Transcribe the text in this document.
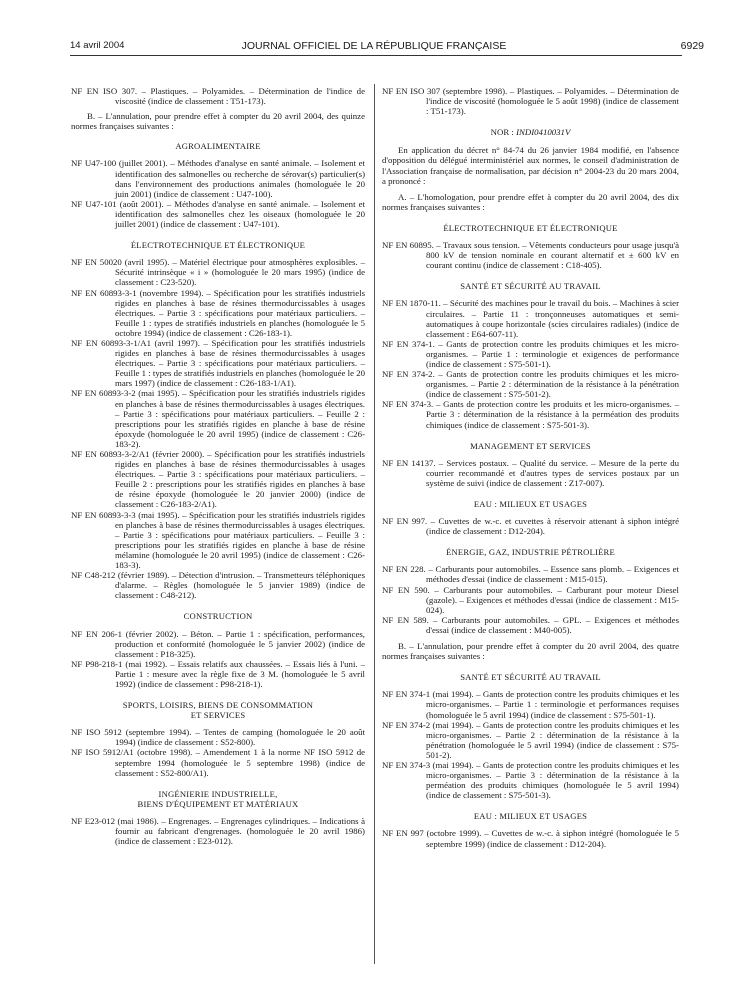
14 avril 2004	JOURNAL OFFICIEL DE LA RÉPUBLIQUE FRANÇAISE	6929

NF EN ISO 307. – Plastiques. – Polyamides. – Détermination de l'indice de viscosité (indice de classement : T51-173).

B. – L'annulation, pour prendre effet à compter du 20 avril 2004, des quinze normes françaises suivantes :

AGROALIMENTAIRE

NF U47-100 (juillet 2001). – Méthodes d'analyse en santé animale. – Isolement et identification des salmonelles ou recherche de sérovar(s) particulier(s) dans l'environnement des productions animales (homologuée le 20 juin 2001) (indice de classement : U47-100).

NF U47-101 (août 2001). – Méthodes d'analyse en santé animale. – Isolement et identification des salmonelles chez les oiseaux (homologuée le 20 juillet 2001) (indice de classement : U47-101).

ÉLECTROTECHNIQUE ET ÉLECTRONIQUE

NF EN 50020 (avril 1995). – Matériel électrique pour atmosphères explosibles. – Sécurité intrinsèque « i » (homologuée le 20 mars 1995) (indice de classement : C23-520).

NF EN 60893-3-1 (novembre 1994). – Spécification pour les stratifiés industriels rigides en planches à base de résines thermodurcissables à usages électriques. – Partie 3 : spécifications pour matériaux particuliers. – Feuille 1 : types de stratifiés industriels en planches (homologuée le 5 octobre 1994) (indice de classement : C26-183-1).

NF EN 60893-3-1/A1 (avril 1997). – Spécification pour les stratifiés industriels rigides en planches à base de résines thermodurcissables à usages électriques. – Partie 3 : spécifications pour matériaux particuliers. – Feuille 1 : types de stratifiés industriels en planches (homologuée le 20 mars 1997) (indice de classement : C26-183-1/A1).

NF EN 60893-3-2 (mai 1995). – Spécification pour les stratifiés industriels rigides en planches à base de résines thermodurcissables à usages électriques. – Partie 3 : spécifications pour matériaux particuliers. – Feuille 2 : prescriptions pour les stratifiés rigides en planche à base de résine époxyde (homologuée le 20 avril 1995) (indice de classement : C26-183-2).

NF EN 60893-3-2/A1 (février 2000). – Spécification pour les stratifiés industriels rigides en planches à base de résines thermodurcissables à usages électriques. – Partie 3 : spécifications pour matériaux particuliers. – Feuille 2 : prescriptions pour les stratifiés rigides en planches à base de résine époxyde (homologuée le 20 janvier 2000) (indice de classement : C26-183-2/A1).

NF EN 60893-3-3 (mai 1995). – Spécification pour les stratifiés industriels rigides en planches à base de résines thermodurcissables à usages électriques. – Partie 3 : spécifications pour matériaux particuliers. – Feuille 3 : prescriptions pour les stratifiés rigides en planche à base de résine mélamine (homologuée le 20 avril 1995) (indice de classement : C26-183-3).

NF C48-212 (février 1989). – Détection d'intrusion. – Transmetteurs téléphoniques d'alarme. – Règles (homologuée le 5 janvier 1989) (indice de classement : C48-212).

CONSTRUCTION

NF EN 206-1 (février 2002). – Béton. – Partie 1 : spécification, performances, production et conformité (homologuée le 5 janvier 2002) (indice de classement : P18-325).

NF P98-218-1 (mai 1992). – Essais relatifs aux chaussées. – Essais liés à l'uni. – Partie 1 : mesure avec la règle fixe de 3 M. (homologuée le 5 avril 1992) (indice de classement : P98-218-1).

SPORTS, LOISIRS, BIENS DE CONSOMMATION
ET SERVICES

NF ISO 5912 (septembre 1994). – Tentes de camping (homologuée le 20 août 1994) (indice de classement : S52-800).

NF ISO 5912/A1 (octobre 1998). – Amendement 1 à la norme NF ISO 5912 de septembre 1994 (homologuée le 5 septembre 1998) (indice de classement : S52-800/A1).

INGÉNIERIE INDUSTRIELLE,
BIENS D'ÉQUIPEMENT ET MATÉRIAUX

NF E23-012 (mai 1986). – Engrenages. – Engrenages cylindriques. – Indications à fournir au fabricant d'engrenages. (homologuée le 20 avril 1986) (indice de classement : E23-012).

NF EN ISO 307 (septembre 1998). – Plastiques. – Polyamides. – Détermination de l'indice de viscosité (homologuée le 5 août 1998) (indice de classement : T51-173).

NOR : INDI0410031V

En application du décret n° 84-74 du 26 janvier 1984 modifié, en l'absence d'opposition du délégué interministériel aux normes, le conseil d'administration de l'Association française de normalisation, par décision n° 2004-23 du 20 mars 2004, a prononcé :

A. – L'homologation, pour prendre effet à compter du 20 avril 2004, des dix normes françaises suivantes :

ÉLECTROTECHNIQUE ET ÉLECTRONIQUE

NF EN 60895. – Travaux sous tension. – Vêtements conducteurs pour usage jusqu'à 800 kV de tension nominale en courant alternatif et ± 600 kV en courant continu (indice de classement : C18-405).

SANTÉ ET SÉCURITÉ AU TRAVAIL

NF EN 1870-11. – Sécurité des machines pour le travail du bois. – Machines à scier circulaires. – Partie 11 : tronçonneuses automatiques et semi-automatiques à coupe horizontale (scies circulaires radiales) (indice de classement : E64-607-11).

NF EN 374-1. – Gants de protection contre les produits chimiques et les micro-organismes. – Partie 1 : terminologie et exigences de performance (indice de classement : S75-501-1).

NF EN 374-2. – Gants de protection contre les produits chimiques et les micro-organismes. – Partie 2 : détermination de la résistance à la pénétration (indice de classement : S75-501-2).

NF EN 374-3. – Gants de protection contre les produits et les micro-organismes. – Partie 3 : détermination de la résistance à la perméation des produits chimiques (indice de classement : S75-501-3).

MANAGEMENT ET SERVICES

NF EN 14137. – Services postaux. – Qualité du service. – Mesure de la perte du courrier recommandé et d'autres types de services postaux par un système de suivi (indice de classement : Z17-007).

EAU : MILIEUX ET USAGES

NF EN 997. – Cuvettes de w.-c. et cuvettes à réservoir attenant à siphon intégré (indice de classement : D12-204).

ÉNERGIE, GAZ, INDUSTRIE PÉTROLIÈRE

NF EN 228. – Carburants pour automobiles. – Essence sans plomb. – Exigences et méthodes d'essai (indice de classement : M15-015).

NF EN 590. – Carburants pour automobiles. – Carburant pour moteur Diesel (gazole). – Exigences et méthodes d'essai (indice de classement : M15-024).

NF EN 589. – Carburants pour automobiles. – GPL. – Exigences et méthodes d'essai (indice de classement : M40-005).

B. – L'annulation, pour prendre effet à compter du 20 avril 2004, des quatre normes françaises suivantes :

SANTÉ ET SÉCURITÉ AU TRAVAIL

NF EN 374-1 (mai 1994). – Gants de protection contre les produits chimiques et les micro-organismes. – Partie 1 : terminologie et performances requises (homologuée le 5 avril 1994) (indice de classement : S75-501-1).

NF EN 374-2 (mai 1994). – Gants de protection contre les produits chimiques et les micro-organismes. – Partie 2 : détermination de la résistance à la pénétration (homologuée le 5 avril 1994) (indice de classement : S75-501-2).

NF EN 374-3 (mai 1994). – Gants de protection contre les produits chimiques et les micro-organismes. – Partie 3 : détermination de la résistance à la perméation des produits chimiques (homologuée le 5 avril 1994) (indice de classement : S75-501-3).

EAU : MILIEUX ET USAGES

NF EN 997 (octobre 1999). – Cuvettes de w.-c. à siphon intégré (homologuée le 5 septembre 1999) (indice de classement : D12-204).
